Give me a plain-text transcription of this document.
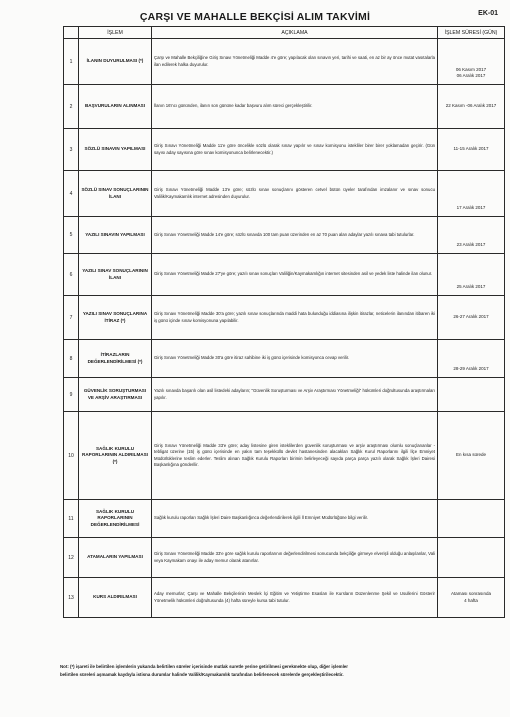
EK-01
ÇARŞI VE MAHALLE BEKÇİSİ ALIM TAKVİMİ
	İŞLEM	AÇIKLAMA	İŞLEM SÜRESİ (GÜN)
1	İLANIN DUYURULMASI (*)	Çarşı ve Mahalle Bekçiliğine Giriş Sınavı Yönetmeliği Madde 4'e göre; yapılacak olan sınavın yeri, tarihi ve saati, en az bir ay önce mutat vasıtalarla ilan edilerek halka duyurulur.	06 Kasım 2017
06 Aralık 2017
2	BAŞVURULARIN ALINMASI	İlanın 16'ncı gününden, ilanın son gününe kadar başvuru alım süreci gerçekleştirilir.	22 Kasım -06 Aralık 2017
3	SÖZLÜ SINAVIN YAPILMASI	Giriş Sınavı Yönetmeliği Madde 11'e göre öncelikle sözlü olarak sınav yapılır ve sınav komisyonu istekliler birer birer yoklamadan geçirir. (Gün sayısı aday sayısına göre sınav komisyonunca belirlenecektir.)	11-15 Aralık 2017
4	SÖZLÜ SINAV SONUÇLARININ İLANI	Giriş Sınavı Yönetmeliği Madde 13'e göre; sözlü sınav sonuçlarını gösteren cetvel bütün üyeler tarafından imzalanır ve sınav sonucu Valilik/Kaymakamlık internet adresinden duyurulur.	17 Aralık 2017
5	YAZILI SINAVIN YAPILMASI	Giriş Sınavı Yönetmeliği Madde 14'e göre; sözlü sınavda 100 tam puan üzerinden en az 70 puan alan adaylar yazılı sınava tabi tutulurlar.	23 Aralık 2017
6	YAZILI SINAV SONUÇLARININ İLANI	Giriş Sınavı Yönetmeliği Madde 27'ye göre; yazılı sınav sonuçları Valiliğin/Kaymakamlığın internet sitesinden asil ve yedek liste halinde ilan olunur.	25 Aralık 2017
7	YAZILI SINAV SONUÇLARINA İTİRAZ (*)	Giriş Sınavı Yönetmeliği Madde 30'a göre; yazılı sınav sonuçlarında maddi hata bulunduğu iddiasına ilişkin itirazlar, neticelerin ilanından itibaren iki iş günü içinde sınav komisyonuna yapılabilir.	26-27 Aralık 2017
8	İTİRAZLARIN DEĞERLENDİRİLMESİ (*)	Giriş Sınavı Yönetmeliği Madde 30'a göre itiraz sahibine iki iş günü içerisinde komisyonca cevap verilir.	28-29 Aralık 2017
9	GÜVENLİK SORUŞTURMASI VE ARŞİV ARAŞTIRMASI	Yazılı sınavda başarılı olan asil listedeki adayların; "Güvenlik Soruşturması ve Arşiv Araştırması Yönetmeliği" hükümleri doğrultusunda araştırmaları yapılır.	
10	SAĞLIK KURULU RAPORLARININ ALDIRILMASI (*)	Giriş Sınavı Yönetmeliği Madde 33'e göre; aday listesine giren isteklilerden güvenlik soruşturması ve arşiv araştırması olumlu sonuçlananlar - tebligat üzerine (15) iş günü içerisinde en yakın tam teşekküllü devlet hastanesinden alacakları Sağlık Kurul Raporlarını ilgili İlçe Emniyet Müdürlüklerine teslim ederler. Teslim alınan Sağlık Kurulu Raporları birimin belirleyeceği sayıda parça parça yazılı olarak Sağlık İşleri Dairesi Başkanlığına gönderilir.	En kısa sürede
11	SAĞLIK KURULU RAPORLARININ DEĞERLENDİRİLMESİ	Sağlık kurulu raporları Sağlık İşleri Daire Başkanlığınca değerlendirilerek ilgili İl Emniyet Müdürlüğüne bilgi verilir.	
12	ATAMALARIN YAPILMASI	Giriş Sınavı Yönetmeliği Madde 33'e göre sağlık kurulu raporlarının değerlendirilmesi sonucunda bekçiliğe girmeye elverişli olduğu anlaşılanlar, Vali veya Kaymakam onayı ile aday memur olarak atanırlar.	
13	KURS ALDIRILMASI	Aday memurlar; Çarşı ve Mahalle Bekçilerinin Meslek İçi Eğitim ve Yetiştirme Esasları ile Kursların Düzenlenme Şekil ve Usullerini Gösterir Yönetmelik hükümleri doğrultusunda (4) hafta süreyle kursa tabi tutulur.	Ataması sonrasında
4 hafta
Not: (*) işareti ile belirtilen işlemlerin yukarıda belirtilen süreler içerisinde mutlak suretle yerine getirilmesi gerekmekte olup, diğer işlemler
belirtilen süreleri aşmamak kaydıyla istisna durumlar halinde Valilik/Kaymakamlık tarafından belirlenecek sürelerde gerçekleştirilecektir.
